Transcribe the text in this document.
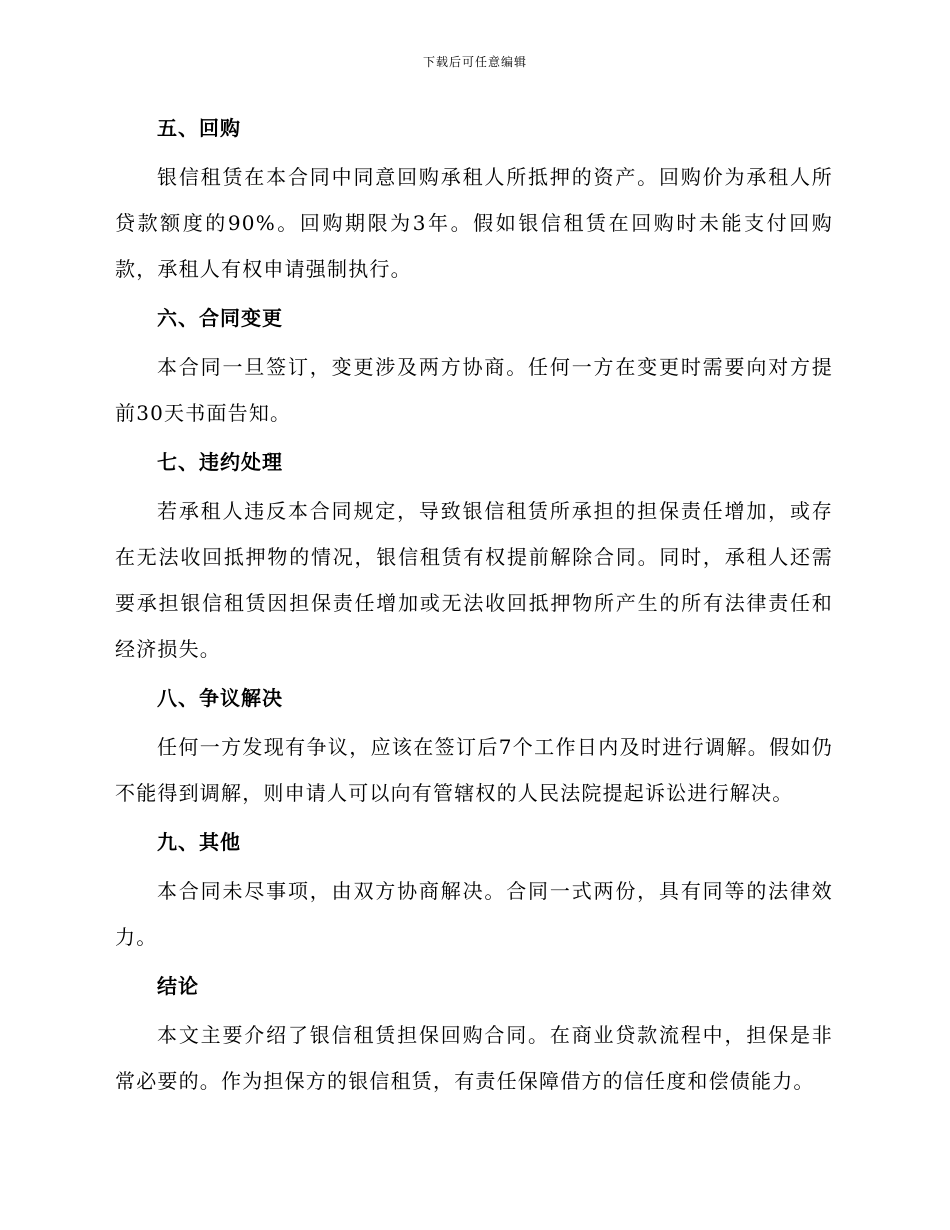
下载后可任意编辑
五、回购
银信租赁在本合同中同意回购承租人所抵押的资产。回购价为承租人所贷款额度的90%。回购期限为3年。假如银信租赁在回购时未能支付回购款，承租人有权申请强制执行。
六、合同变更
本合同一旦签订，变更涉及两方协商。任何一方在变更时需要向对方提前30天书面告知。
七、违约处理
若承租人违反本合同规定，导致银信租赁所承担的担保责任增加，或存在无法收回抵押物的情况，银信租赁有权提前解除合同。同时，承租人还需要承担银信租赁因担保责任增加或无法收回抵押物所产生的所有法律责任和经济损失。
八、争议解决
任何一方发现有争议，应该在签订后7个工作日内及时进行调解。假如仍不能得到调解，则申请人可以向有管辖权的人民法院提起诉讼进行解决。
九、其他
本合同未尽事项，由双方协商解决。合同一式两份，具有同等的法律效力。
结论
本文主要介绍了银信租赁担保回购合同。在商业贷款流程中，担保是非常必要的。作为担保方的银信租赁，有责任保障借方的信任度和偿债能力。
